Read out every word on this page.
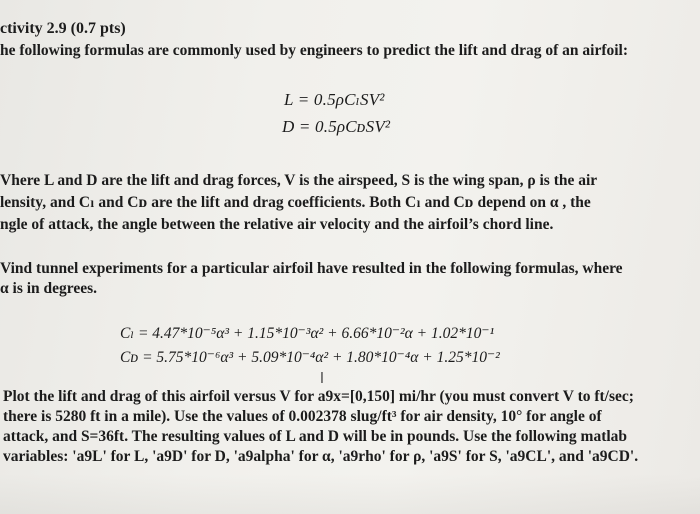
ctivity 2.9 (0.7 pts)
he following formulas are commonly used by engineers to predict the lift and drag of an airfoil:
L = 0.5ρCₗSV²
D = 0.5ρCᴅSV²
Vhere L and D are the lift and drag forces, V is the airspeed, S is the wing span, ρ is the air
lensity, and Cₗ and Cᴅ are the lift and drag coefficients. Both Cₗ and Cᴅ depend on α , the
ngle of attack, the angle between the relative air velocity and the airfoil’s chord line.
Vind tunnel experiments for a particular airfoil have resulted in the following formulas, where
α is in degrees.
Cₗ = 4.47*10⁻⁵α³ + 1.15*10⁻³α² + 6.66*10⁻²α + 1.02*10⁻¹
Cᴅ = 5.75*10⁻⁶α³ + 5.09*10⁻⁴α² + 1.80*10⁻⁴α + 1.25*10⁻²
I
Plot the lift and drag of this airfoil versus V for a9x=[0,150] mi/hr (you must convert V to ft/sec;
there is 5280 ft in a mile). Use the values of 0.002378 slug/ft³ for air density, 10° for angle of
attack, and S=36ft. The resulting values of L and D will be in pounds. Use the following matlab
variables: 'a9L' for L, 'a9D' for D, 'a9alpha' for α, 'a9rho' for ρ, 'a9S' for S, 'a9CL', and 'a9CD'.
